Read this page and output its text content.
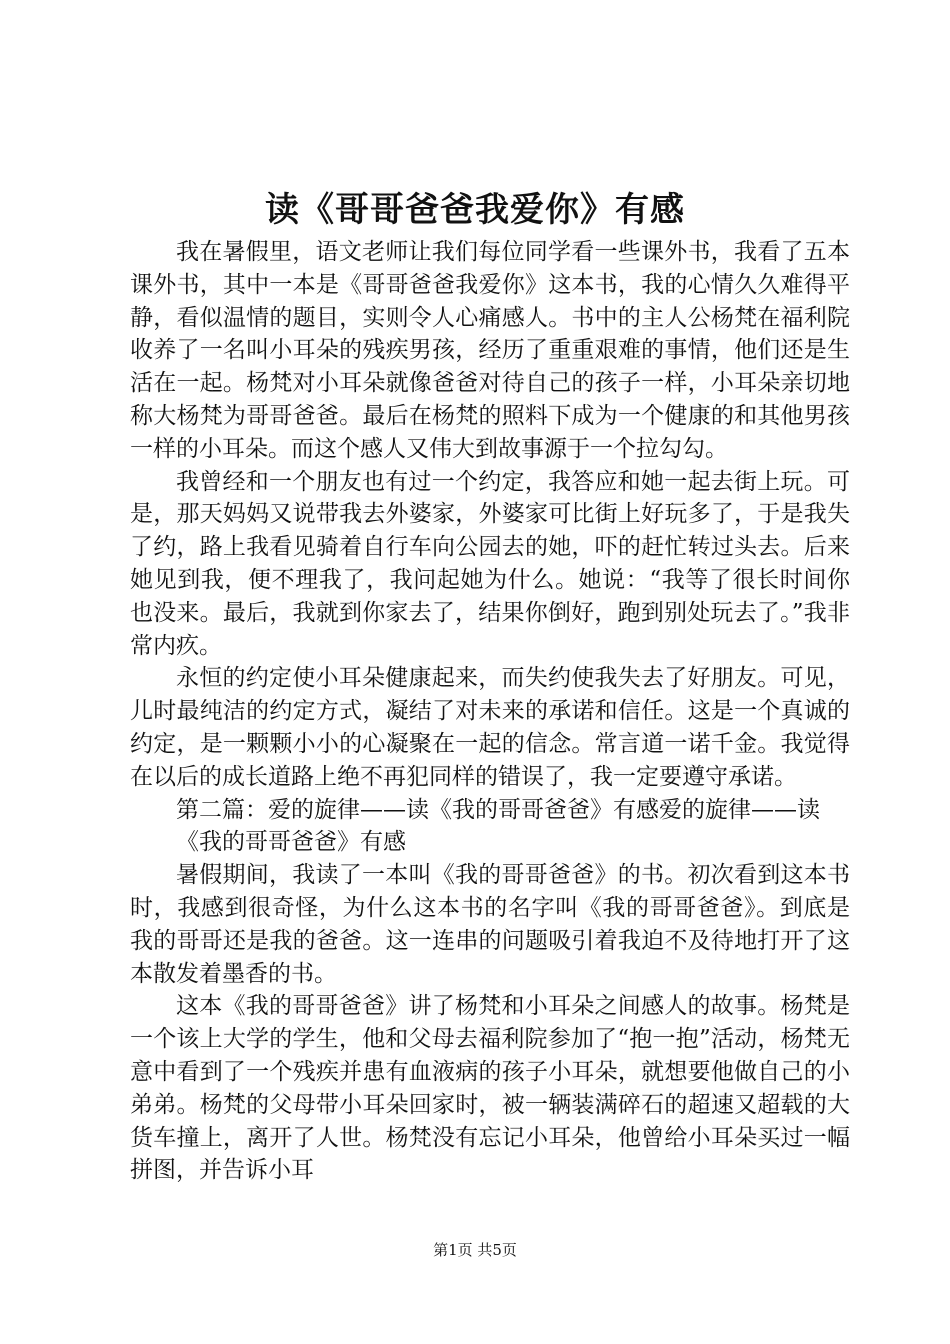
读《哥哥爸爸我爱你》有感

我在暑假里，语文老师让我们每位同学看一些课外书，我看了五本课外书，其中一本是《哥哥爸爸我爱你》这本书，我的心情久久难得平静，看似温情的题目，实则令人心痛感人。书中的主人公杨梵在福利院收养了一名叫小耳朵的残疾男孩，经历了重重艰难的事情，他们还是生活在一起。杨梵对小耳朵就像爸爸对待自己的孩子一样，小耳朵亲切地称大杨梵为哥哥爸爸。最后在杨梵的照料下成为一个健康的和其他男孩一样的小耳朵。而这个感人又伟大到故事源于一个拉勾勾。

我曾经和一个朋友也有过一个约定，我答应和她一起去街上玩。可是，那天妈妈又说带我去外婆家，外婆家可比街上好玩多了，于是我失了约，路上我看见骑着自行车向公园去的她，吓的赶忙转过头去。后来她见到我，便不理我了，我问起她为什么。她说：“我等了很长时间你也没来。最后，我就到你家去了，结果你倒好，跑到别处玩去了。”我非常内疚。

永恒的约定使小耳朵健康起来，而失约使我失去了好朋友。可见，儿时最纯洁的约定方式，凝结了对未来的承诺和信任。这是一个真诚的约定，是一颗颗小小的心凝聚在一起的信念。常言道一诺千金。我觉得在以后的成长道路上绝不再犯同样的错误了，我一定要遵守承诺。

第二篇：爱的旋律——读《我的哥哥爸爸》有感爱的旋律——读《我的哥哥爸爸》有感

暑假期间，我读了一本叫《我的哥哥爸爸》的书。初次看到这本书时，我感到很奇怪，为什么这本书的名字叫《我的哥哥爸爸》。到底是我的哥哥还是我的爸爸。这一连串的问题吸引着我迫不及待地打开了这本散发着墨香的书。

这本《我的哥哥爸爸》讲了杨梵和小耳朵之间感人的故事。杨梵是一个该上大学的学生，他和父母去福利院参加了“抱一抱”活动，杨梵无意中看到了一个残疾并患有血液病的孩子小耳朵，就想要他做自己的小弟弟。杨梵的父母带小耳朵回家时，被一辆装满碎石的超速又超载的大货车撞上，离开了人世。杨梵没有忘记小耳朵，他曾给小耳朵买过一幅拼图，并告诉小耳

第1页 共5页
